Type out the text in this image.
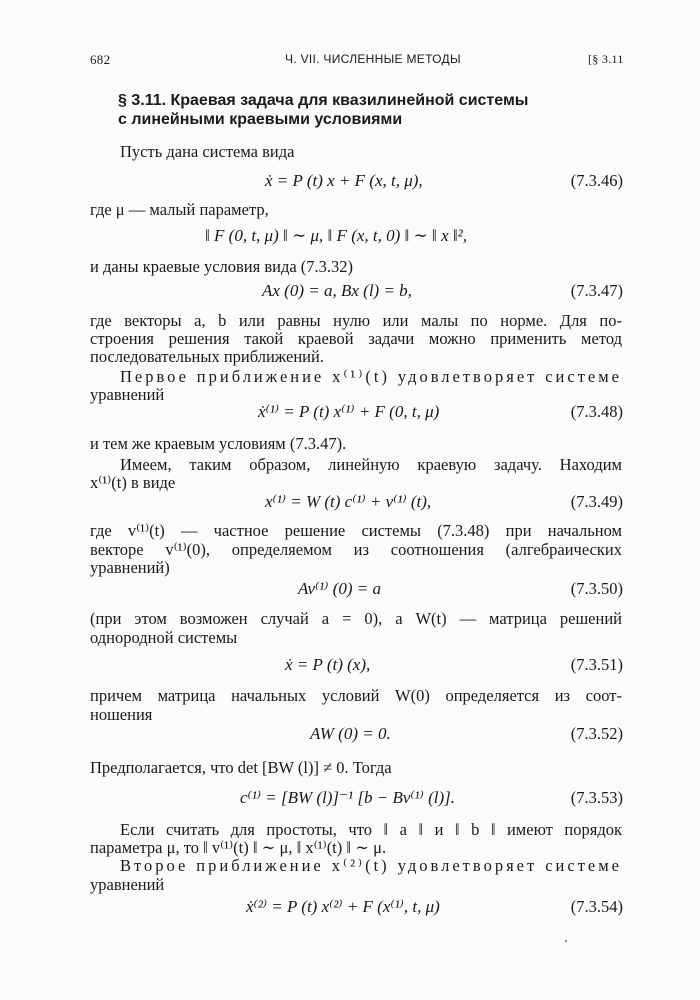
682	Ч. VII. ЧИСЛЕННЫЕ МЕТОДЫ	[§ 3.11
§ 3.11. Краевая задача для квазилинейной системы
с линейными краевыми условиями
Пусть дана система вида
ẋ = P (t) x + F (x, t, μ),	(7.3.46)
где μ — малый параметр,
‖ F (0, t, μ) ‖ ∼ μ, ‖ F (x, t, 0) ‖ ∼ ‖ x ‖²,
и даны краевые условия вида (7.3.32)
Ax (0) = a, Bx (l) = b,	(7.3.47)
где векторы a, b или равны нулю или малы по норме. Для по-
строения решения такой краевой задачи можно применить метод
последовательных приближений.
Первое приближение x⁽¹⁾(t) удовлетворяет системе
уравнений
ẋ⁽¹⁾ = P (t) x⁽¹⁾ + F (0, t, μ)	(7.3.48)
и тем же краевым условиям (7.3.47).
Имеем, таким образом, линейную краевую задачу. Находим
x⁽¹⁾(t) в виде
x⁽¹⁾ = W (t) c⁽¹⁾ + v⁽¹⁾ (t),	(7.3.49)
где v⁽¹⁾(t) — частное решение системы (7.3.48) при начальном
векторе v⁽¹⁾(0), определяемом из соотношения (алгебраических
уравнений)
Av⁽¹⁾ (0) = a	(7.3.50)
(при этом возможен случай a = 0), а W(t) — матрица решений
однородной системы
ẋ = P (t) (x),	(7.3.51)
причем матрица начальных условий W(0) определяется из соот-
ношения
AW (0) = 0.	(7.3.52)
Предполагается, что det [BW (l)] ≠ 0. Тогда
c⁽¹⁾ = [BW (l)]⁻¹ [b − Bv⁽¹⁾ (l)].	(7.3.53)
Если считать для простоты, что ‖ a ‖ и ‖ b ‖ имеют порядок
параметра μ, то ‖ v⁽¹⁾(t) ‖ ∼ μ, ‖ x⁽¹⁾(t) ‖ ∼ μ.
Второе приближение x⁽²⁾(t) удовлетворяет системе
уравнений
ẋ⁽²⁾ = P (t) x⁽²⁾ + F (x⁽¹⁾, t, μ)	(7.3.54)
